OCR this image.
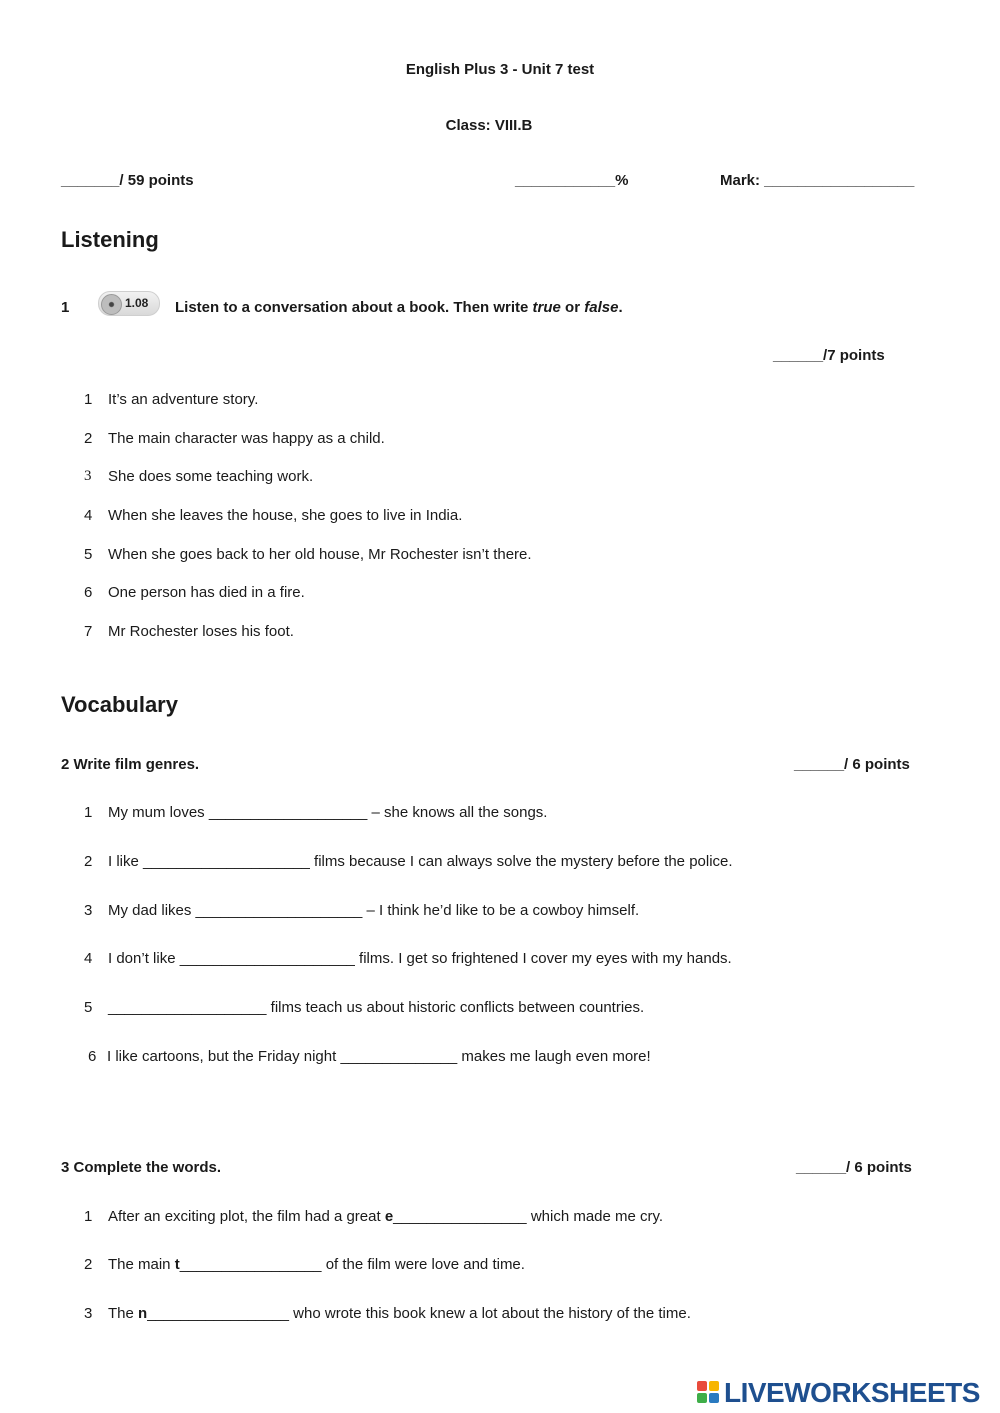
English Plus 3 - Unit 7 test
Class: VIII.B
_______/ 59 points	____________%	Mark: __________________
Listening
1	1.08 Listen to a conversation about a book. Then write true or false.
______/7 points
1 It’s an adventure story.
2 The main character was happy as a child.
3 She does some teaching work.
4 When she leaves the house, she goes to live in India.
5 When she goes back to her old house, Mr Rochester isn’t there.
6 One person has died in a fire.
7 Mr Rochester loses his foot.
Vocabulary
2 Write film genres.	______/ 6 points
1 My mum loves ___________________ – she knows all the songs.
2 I like ____________________ films because I can always solve the mystery before the police.
3 My dad likes ____________________ – I think he’d like to be a cowboy himself.
4 I don’t like _____________________ films. I get so frightened I cover my eyes with my hands.
5 ___________________ films teach us about historic conflicts between countries.
6 I like cartoons, but the Friday night ______________ makes me laugh even more!
3 Complete the words.	______/ 6 points
1 After an exciting plot, the film had a great e________________ which made me cry.
2 The main t_________________ of the film were love and time.
3 The n_________________ who wrote this book knew a lot about the history of the time.
LIVEWORKSHEETS
